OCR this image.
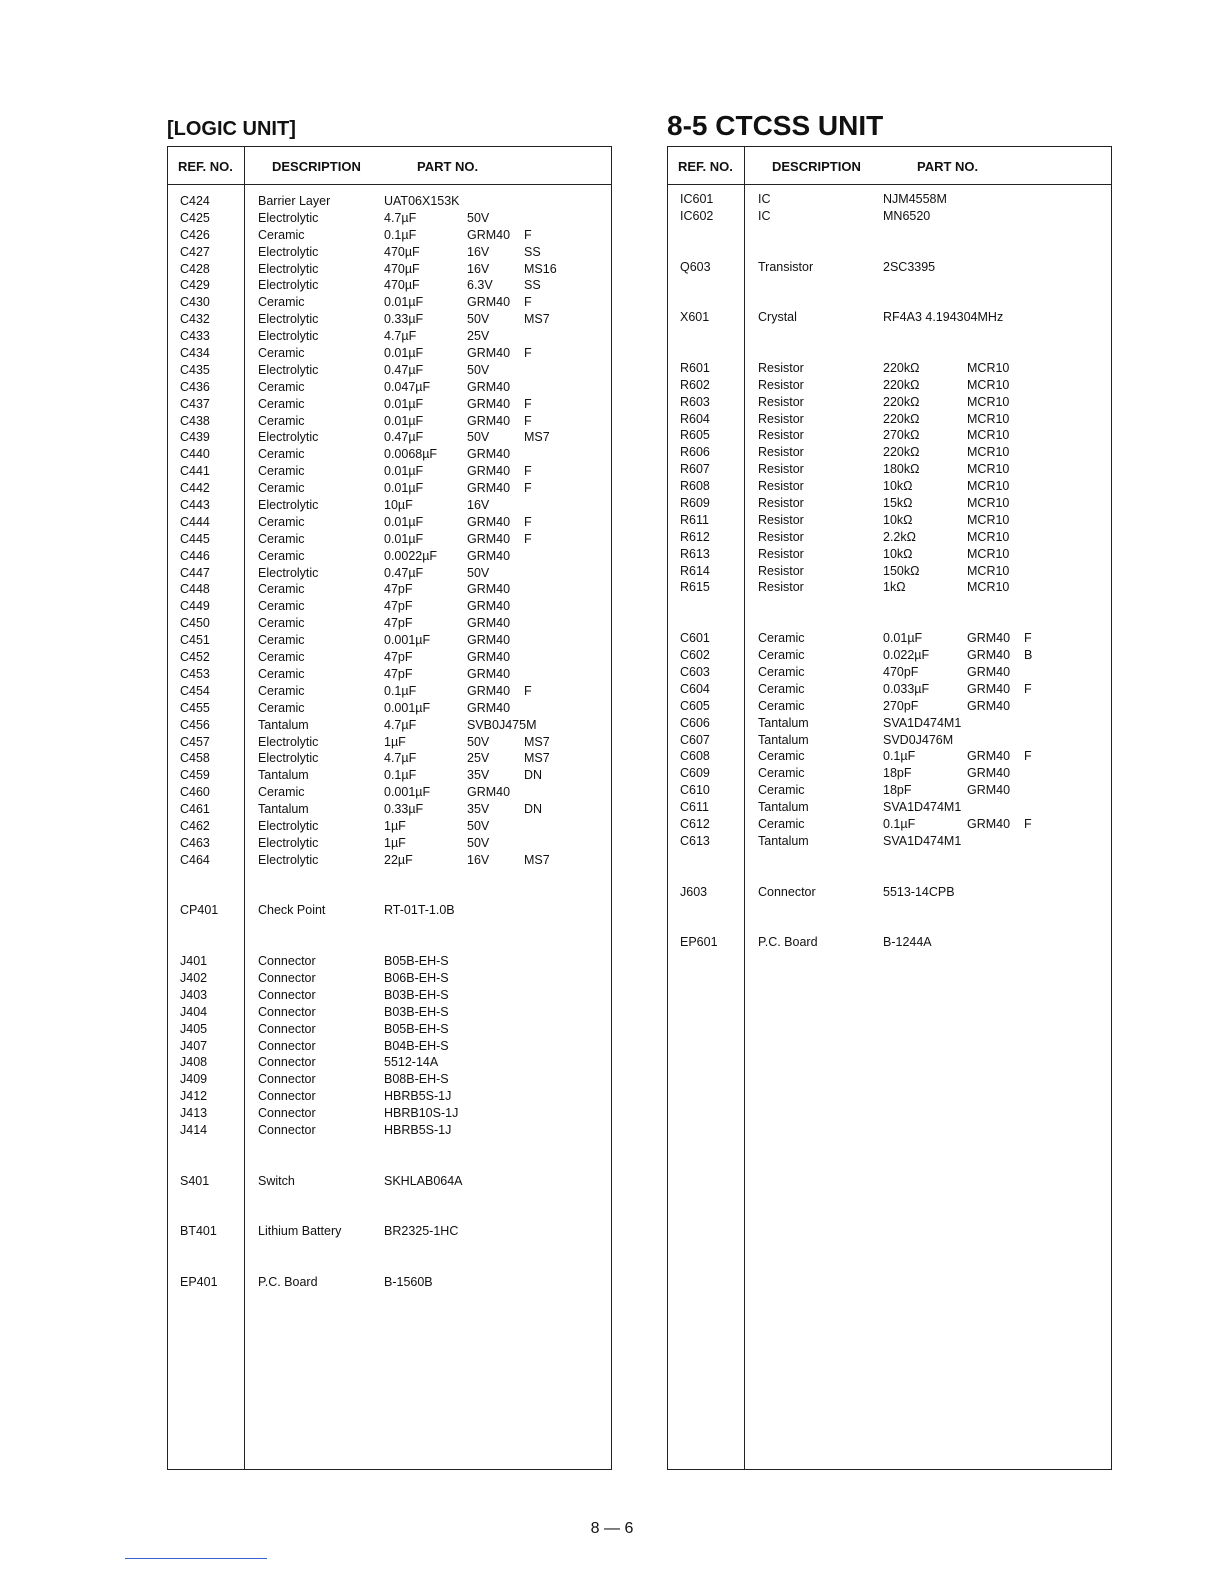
[LOGIC UNIT]	8-5 CTCSS UNIT
REF. NO.	DESCRIPTION	PART NO.
C424	Barrier Layer	UAT06X153K
C425	Electrolytic	4.7µF	50V
C426	Ceramic	0.1µF	GRM40 F
C427	Electrolytic	470µF	16V	SS
C428	Electrolytic	470µF	16V	MS16
C429	Electrolytic	470µF	6.3V	SS
C430	Ceramic	0.01µF	GRM40 F
C432	Electrolytic	0.33µF	50V	MS7
C433	Electrolytic	4.7µF	25V
C434	Ceramic	0.01µF	GRM40 F
C435	Electrolytic	0.47µF	50V
C436	Ceramic	0.047µF	GRM40
C437	Ceramic	0.01µF	GRM40 F
C438	Ceramic	0.01µF	GRM40 F
C439	Electrolytic	0.47µF	50V	MS7
C440	Ceramic	0.0068µF GRM40
C441	Ceramic	0.01µF	GRM40 F
C442	Ceramic	0.01µF	GRM40 F
C443	Electrolytic	10µF	16V
C444	Ceramic	0.01µF	GRM40 F
C445	Ceramic	0.01µF	GRM40 F
C446	Ceramic	0.0022µF GRM40
C447	Electrolytic	0.47µF	50V
C448	Ceramic	47pF	GRM40
C449	Ceramic	47pF	GRM40
C450	Ceramic	47pF	GRM40
C451	Ceramic	0.001µF	GRM40
C452	Ceramic	47pF	GRM40
C453	Ceramic	47pF	GRM40
C454	Ceramic	0.1µF	GRM40 F
C455	Ceramic	0.001µF	GRM40
C456	Tantalum	4.7µF	SVB0J475M
C457	Electrolytic	1µF	50V	MS7
C458	Electrolytic	4.7µF	25V	MS7
C459	Tantalum	0.1µF	35V	DN
C460	Ceramic	0.001µF	GRM40
C461	Tantalum	0.33µF	35V	DN
C462	Electrolytic	1µF	50V
C463	Electrolytic	1µF	50V
C464	Electrolytic	22µF	16V	MS7
CP401	Check Point	RT-01T-1.0B
J401	Connector	B05B-EH-S
J402	Connector	B06B-EH-S
J403	Connector	B03B-EH-S
J404	Connector	B03B-EH-S
J405	Connector	B05B-EH-S
J407	Connector	B04B-EH-S
J408	Connector	5512-14A
J409	Connector	B08B-EH-S
J412	Connector	HBRB5S-1J
J413	Connector	HBRB10S-1J
J414	Connector	HBRB5S-1J
S401	Switch	SKHLAB064A
BT401	Lithium Battery	BR2325-1HC
EP401	P.C. Board	B-1560B
REF. NO.	DESCRIPTION	PART NO.
IC601	IC	NJM4558M
IC602	IC	MN6520
Q603	Transistor	2SC3395
X601	Crystal	RF4A3 4.194304MHz
R601	Resistor	220kΩ	MCR10
R602	Resistor	220kΩ	MCR10
R603	Resistor	220kΩ	MCR10
R604	Resistor	220kΩ	MCR10
R605	Resistor	270kΩ	MCR10
R606	Resistor	220kΩ	MCR10
R607	Resistor	180kΩ	MCR10
R608	Resistor	10kΩ	MCR10
R609	Resistor	15kΩ	MCR10
R611	Resistor	10kΩ	MCR10
R612	Resistor	2.2kΩ	MCR10
R613	Resistor	10kΩ	MCR10
R614	Resistor	150kΩ	MCR10
R615	Resistor	1kΩ	MCR10
C601	Ceramic	0.01µF	GRM40 F
C602	Ceramic	0.022µF	GRM40 B
C603	Ceramic	470pF	GRM40
C604	Ceramic	0.033µF	GRM40 F
C605	Ceramic	270pF	GRM40
C606	Tantalum	SVA1D474M1
C607	Tantalum	SVD0J476M
C608	Ceramic	0.1µF	GRM40 F
C609	Ceramic	18pF	GRM40
C610	Ceramic	18pF	GRM40
C611	Tantalum	SVA1D474M1
C612	Ceramic	0.1µF	GRM40 F
C613	Tantalum	SVA1D474M1
J603	Connector	5513-14CPB
EP601	P.C. Board	B-1244A
8 — 6
